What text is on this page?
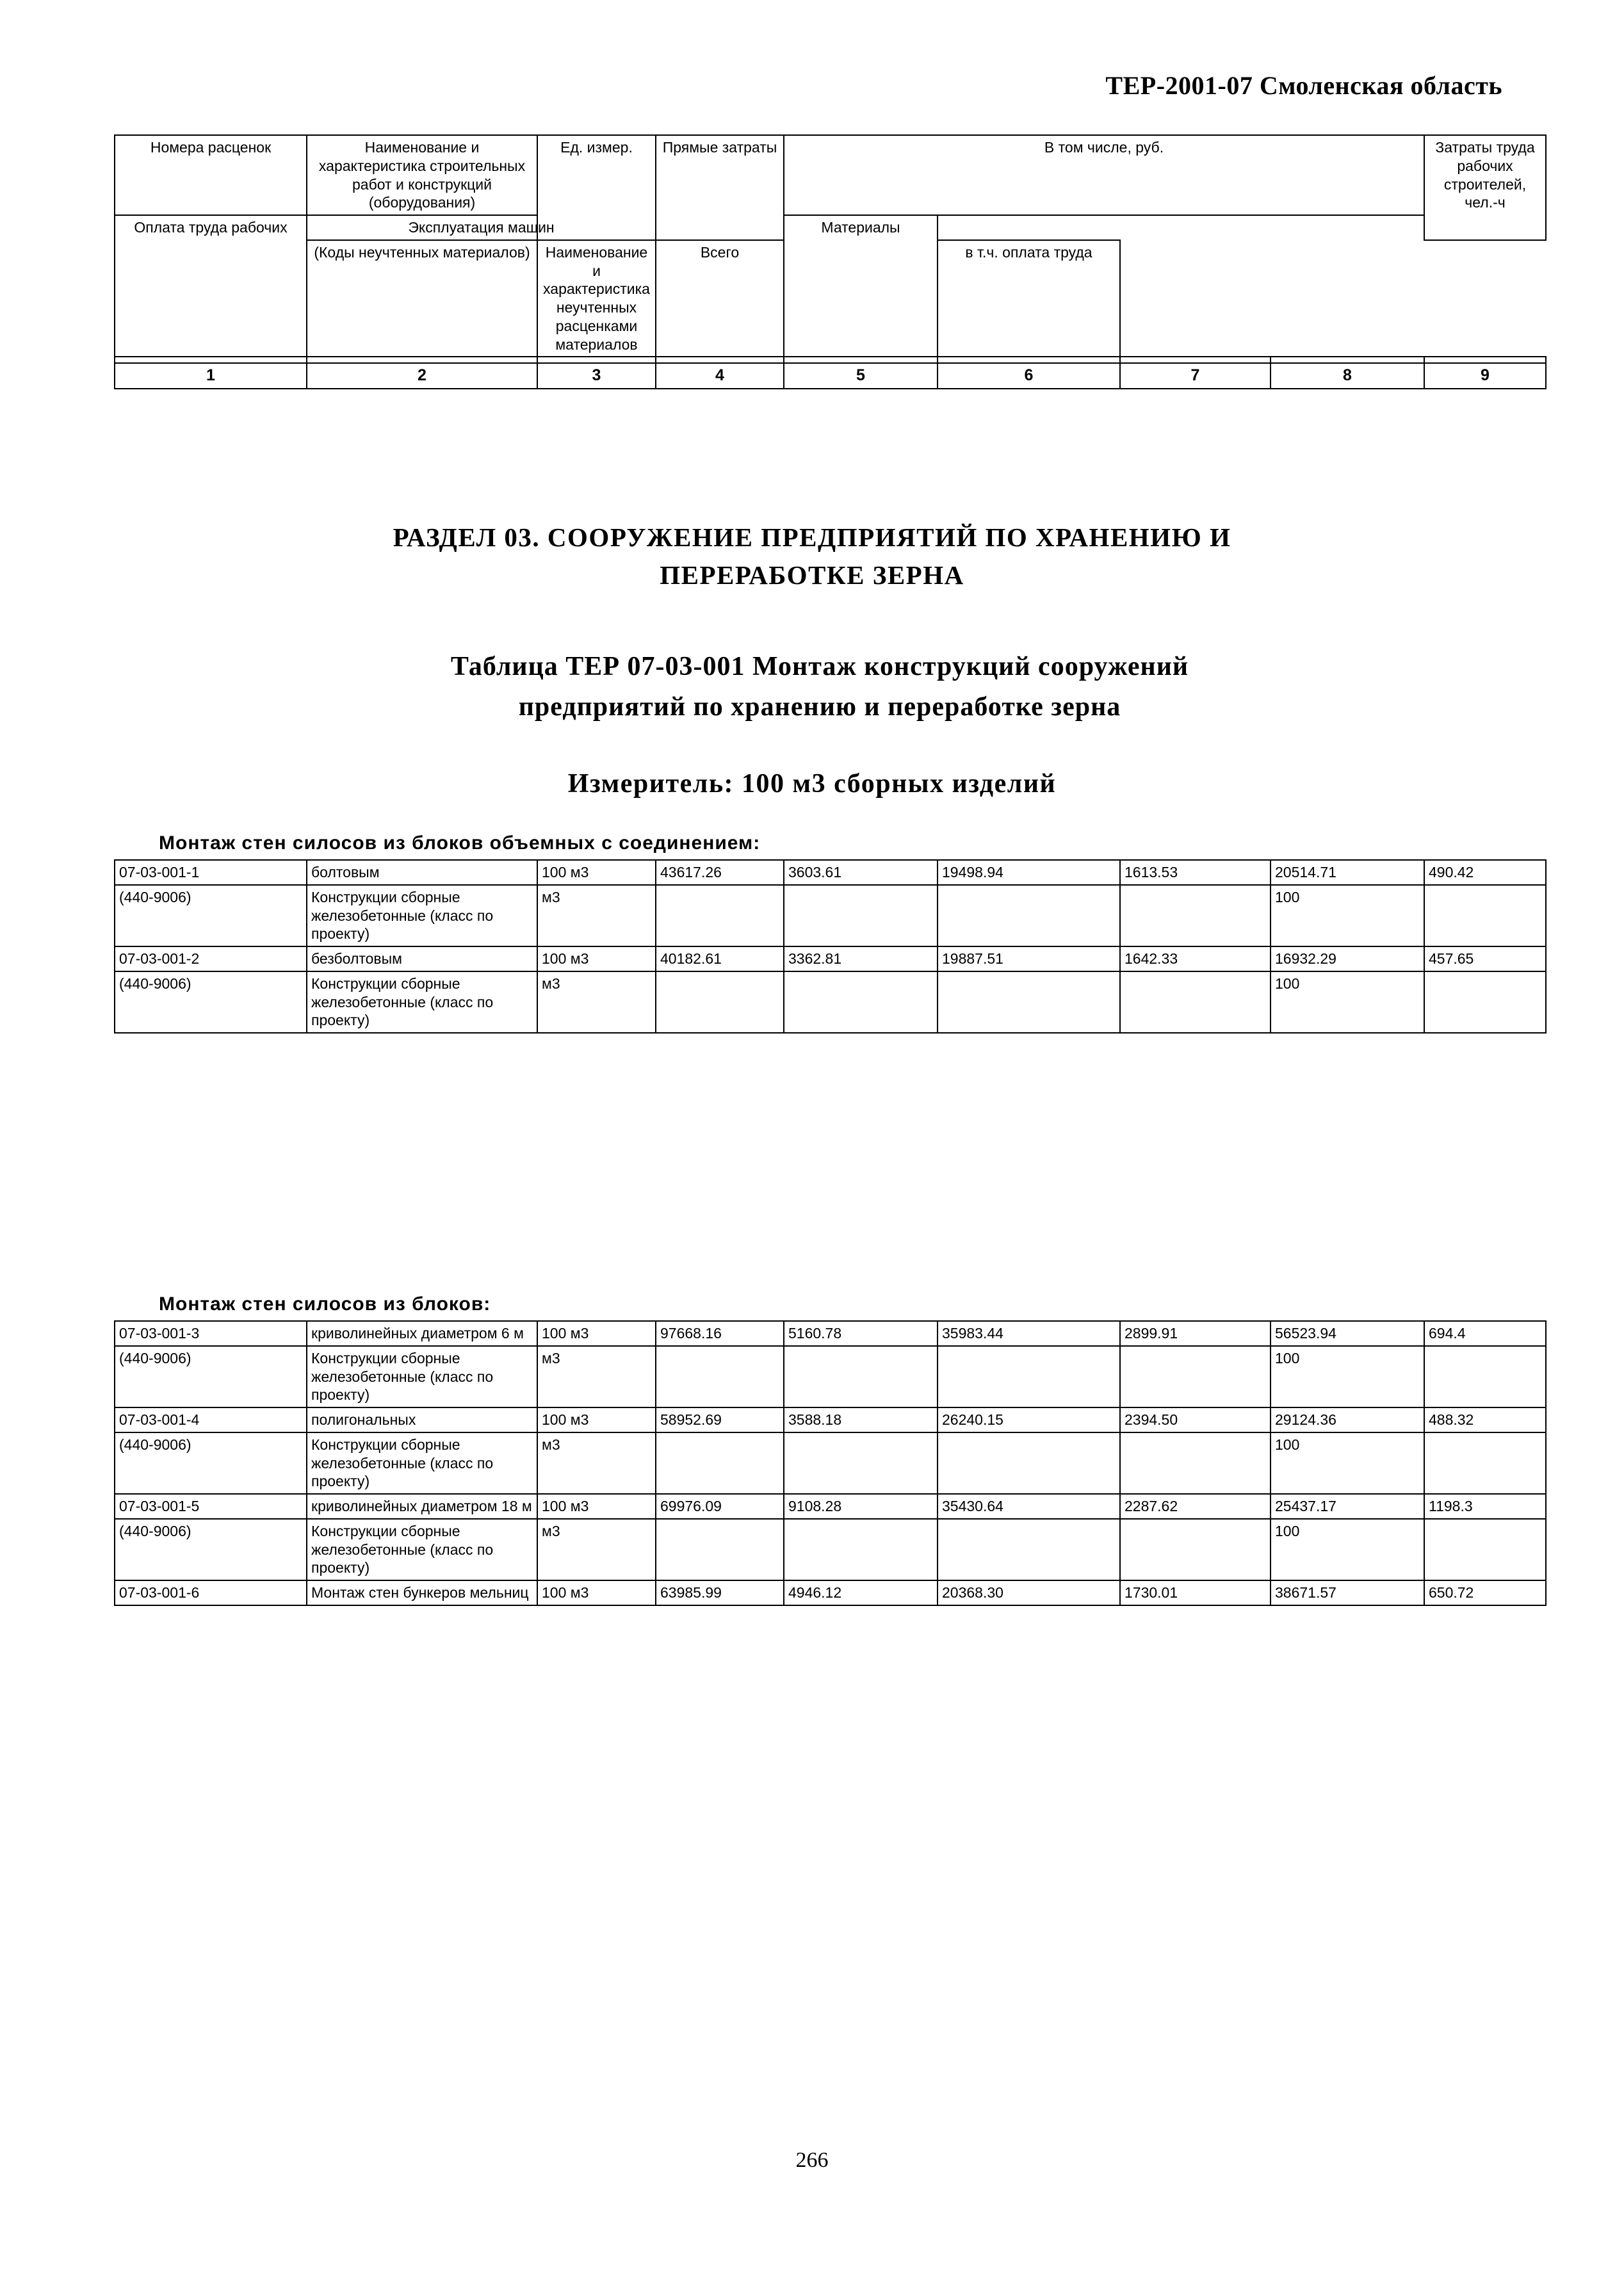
ТЕР-2001-07 Смоленская область
Номера расценок	Наименование и характеристика строительных работ и конструкций (оборудования)	Ед. измер.	Прямые затраты	В том числе, руб.				Затраты труда рабочих строителей, чел.-ч
Оплата труда рабочих	Эксплуатация машин			Материалы				
	(Коды неучтенных материалов)	Наименование и характеристика неучтенных расценками материалов	Всего		в т.ч. оплата труда			
1	2	3	4	5	6	7	8	9
РАЗДЕЛ 03. СООРУЖЕНИЕ ПРЕДПРИЯТИЙ ПО ХРАНЕНИЮ И
ПЕРЕРАБОТКЕ ЗЕРНА
Таблица ТЕР 07-03-001 Монтаж конструкций сооружений
предприятий по хранению и переработке зерна
Измеритель: 100 м3 сборных изделий
Монтаж стен силосов из блоков объемных с соединением:
07-03-001-1	болтовым	100 м3	43617.26	3603.61	19498.94	1613.53	20514.71	490.42
(440-9006)	Конструкции сборные железобетонные (класс по проекту)	м3					100	
07-03-001-2	безболтовым	100 м3	40182.61	3362.81	19887.51	1642.33	16932.29	457.65
(440-9006)	Конструкции сборные железобетонные (класс по проекту)	м3					100	
Монтаж стен силосов из блоков:
07-03-001-3	криволинейных диаметром 6 м	100 м3	97668.16	5160.78	35983.44	2899.91	56523.94	694.4
(440-9006)	Конструкции сборные железобетонные (класс по проекту)	м3					100	
07-03-001-4	полигональных	100 м3	58952.69	3588.18	26240.15	2394.50	29124.36	488.32
(440-9006)	Конструкции сборные железобетонные (класс по проекту)	м3					100	
07-03-001-5	криволинейных диаметром 18 м	100 м3	69976.09	9108.28	35430.64	2287.62	25437.17	1198.3
(440-9006)	Конструкции сборные железобетонные (класс по проекту)	м3					100	
07-03-001-6	Монтаж стен бункеров мельниц	100 м3	63985.99	4946.12	20368.30	1730.01	38671.57	650.72
266
